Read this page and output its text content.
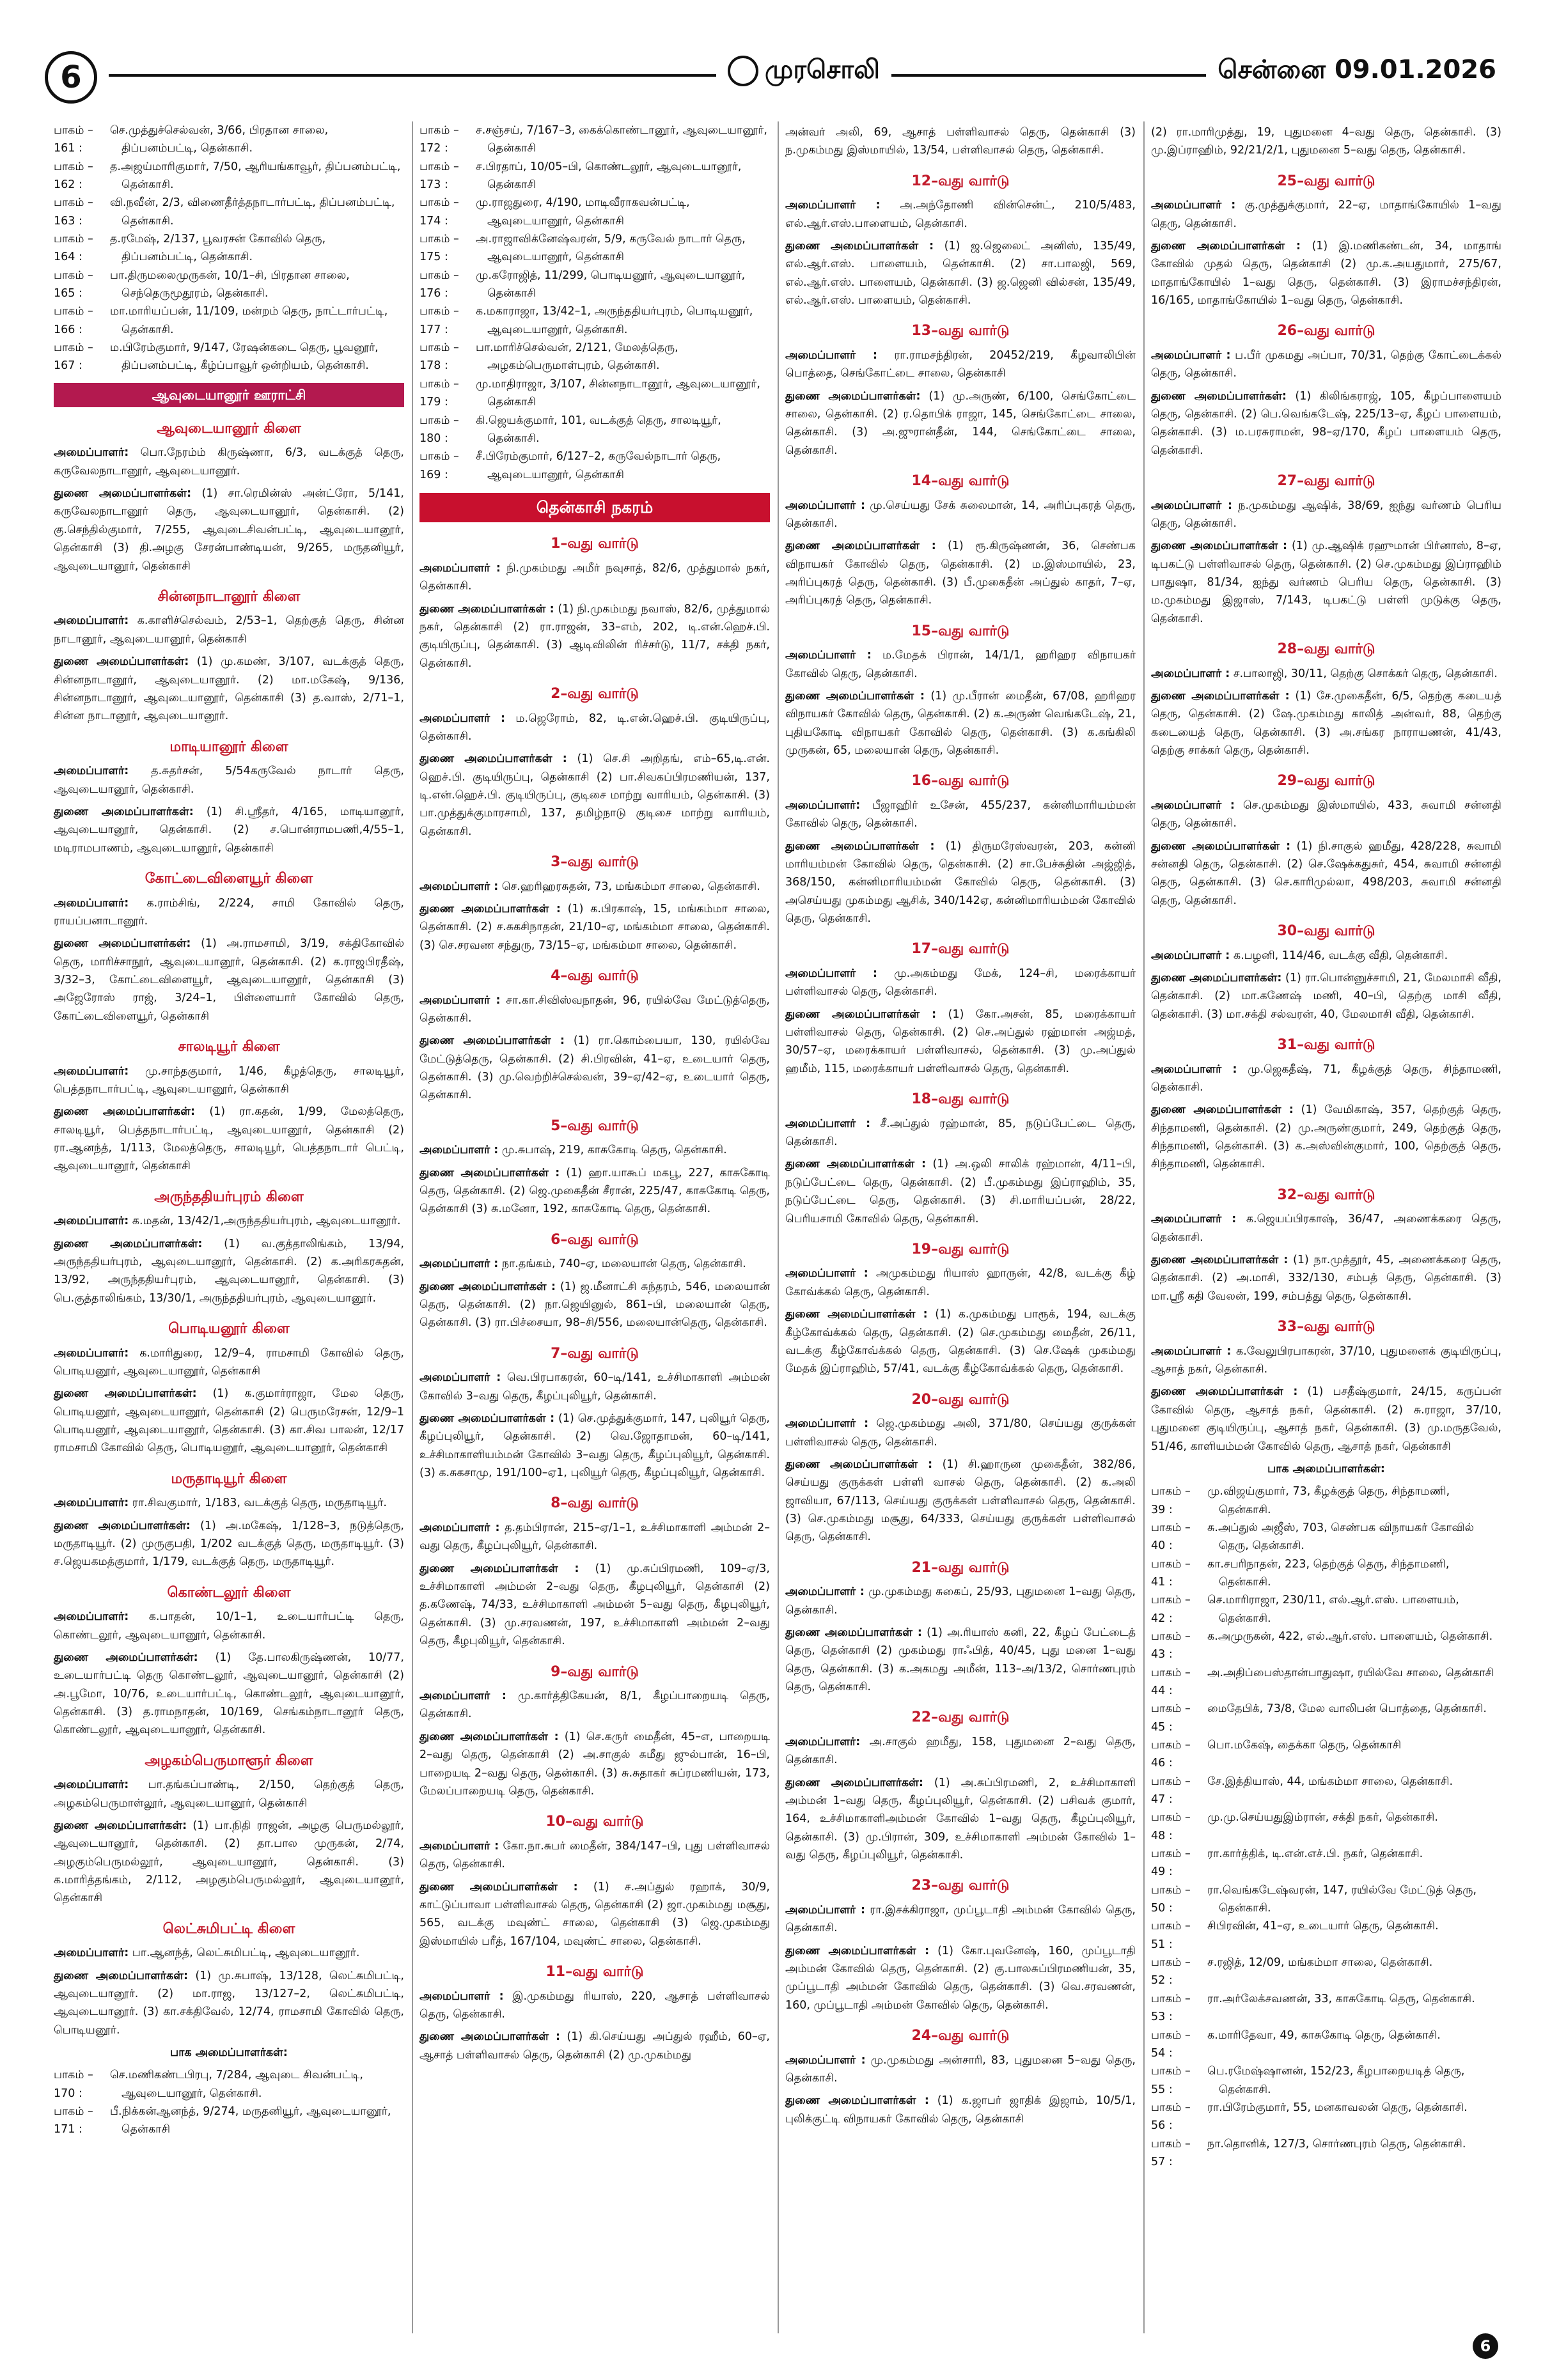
6	முரசொலி	சென்னை 09.01.2026
பாகம் – 161 :
செ.முத்துச்செல்வன், 3/66, பிரதான சாலை, திப்பனம்பட்டி, தென்காசி.
பாகம் – 162 :
த.அஜய்மாரிகுமார், 7/50, ஆரியங்காவூர், திப்பனம்பட்டி, தென்காசி.
பாகம் – 163 :
வி.நவீன், 2/3, விணைதீர்த்தநாடார்பட்டி, திப்பனம்பட்டி, தென்காசி.
பாகம் – 164 :
த.ரமேஷ், 2/137, பூவரசன் கோவில் தெரு, திப்பனம்பட்டி, தென்காசி.
பாகம் – 165 :
பா.திருமலைமுருகன், 10/1–சி, பிரதான சாலை, செந்தெருமூதூரம், தென்காசி.
பாகம் – 166 :
மா.மாரியப்பன், 11/109, மன்றம் தெரு, நாட்டார்பட்டி, தென்காசி.
பாகம் – 167 :
ம.பிரேம்குமார், 9/147, ரேஷன்கடை தெரு, பூவனூர், திப்பனம்பட்டி, கீழ்ப்பாவூர் ஒன்றியம், தென்காசி.
ஆவுடையானூர் ஊராட்சி
ஆவுடையானூர் கிளை
அமைப்பாளர்: பொ.நேரம்ம் கிருஷ்ணா, 6/3, வடக்குத் தெரு, கருவேலநாடானூர், ஆவுடையானூர்.
துணை அமைப்பாளர்கள்: (1) சா.ரெமின்ஸ் அன்ட்ரோ, 5/141, கருவேலநாடானூர் தெரு, ஆவுடையானூர், தென்காசி. (2) கு.செந்தில்குமார், 7/255, ஆவுடைசிவன்பட்டி, ஆவுடையானூர், தென்காசி (3) தி.அழகு சேரன்பாண்டியன், 9/265, மருதனியூர், ஆவுடையானூர், தென்காசி
சின்னநாடானூர் கிளை
அமைப்பாளர்: க.காளிச்செல்வம், 2/53–1, தெற்குத் தெரு, சின்ன நாடானூர், ஆவுடையானூர், தென்காசி
துணை அமைப்பாளர்கள்: (1) மு.கமண், 3/107, வடக்குத் தெரு, சின்னநாடானூர், ஆவுடையானூர். (2) மா.மகேஷ், 9/136, சின்னநாடானூர், ஆவுடையானூர், தென்காசி (3) த.வாஸ், 2/71–1, சின்ன நாடானூர், ஆவுடையானூர்.
மாடியானூர் கிளை
அமைப்பாளர்: த.சுதர்சன், 5/54கருவேல் நாடார் தெரு, ஆவுடையானூர், தென்காசி.
துணை அமைப்பாளர்கள்: (1) சி.ஸ்ரீதர், 4/165, மாடியானூர், ஆவுடையானூர், தென்காசி. (2) ச.பொன்ராமபணி,4/55–1, மடிராமபாணம், ஆவுடையானூர், தென்காசி
கோட்டைவிளையூர் கிளை
அமைப்பாளர்: க.ராம்சிங், 2/224, சாமி கோவில் தெரு, ராயப்பனாடானூர்.
துணை அமைப்பாளர்கள்: (1) அ.ராமசாமி, 3/19, சக்திகோவில் தெரு, மாரிச்சாநூர், ஆவுடையானூர், தென்காசி. (2) க.ராஜபிரதீஷ், 3/32–3, கோட்டைவிளையூர், ஆவுடையானூர், தென்காசி (3) அஜேரோஸ் ராஜ், 3/24–1, பிள்ளையார் கோவில் தெரு, கோட்டைவிளையூர், தென்காசி
சாலடியூர் கிளை
அமைப்பாளர்: மு.சாந்தகுமார், 1/46, கீழத்தெரு, சாலடியூர், பெத்தநாடார்பட்டி, ஆவுடையானூர், தென்காசி
துணை அமைப்பாளர்கள்: (1) ரா.கதன், 1/99, மேலத்தெரு, சாலடியூர், பெத்தநாடார்பட்டி, ஆவுடையானூர், தென்காசி (2) ரா.ஆனந்த், 1/113, மேலத்தெரு, சாலடியூர், பெத்தநாடார் பெட்டி, ஆவுடையானூர், தென்காசி
அருந்ததியர்புரம் கிளை
அமைப்பாளர்: க.மதன், 13/42/1,அருந்ததியர்புரம், ஆவுடையானூர்.
துணை அமைப்பாளர்கள்: (1) வ.குத்தாலிங்கம், 13/94, அருந்ததியர்புரம், ஆவுடையானூர், தென்காசி. (2) க.அரிகரசுதன், 13/92, அருந்ததியர்புரம், ஆவுடையானூர், தென்காசி. (3) பெ.குத்தாலிங்கம், 13/30/1, அருந்ததியர்புரம், ஆவுடையானூர்.
பொடியனூர் கிளை
அமைப்பாளர்: க.மாரிதுரை, 12/9–4, ராமசாமி கோவில் தெரு, பொடியனூர், ஆவுடையானூர், தென்காசி
துணை அமைப்பாளர்கள்: (1) க.குமார்ராஜா, மேல தெரு, பொடியனூர், ஆவுடையானூர், தென்காசி (2) பெருமரேசன், 12/9–1 பொடியனூர், ஆவுடையானூர், தென்காசி. (3) கா.சிவ பாலன், 12/17 ராமசாமி கோவில் தெரு, பொடியனூர், ஆவுடையானூர், தென்காசி
மருதாடியூர் கிளை
அமைப்பாளர்: ரா.சிவகுமார், 1/183, வடக்குத் தெரு, மருதாடியூர்.
துணை அமைப்பாளர்கள்: (1) அ.மகேஷ், 1/128–3, நடுத்தெரு, மருதாடியூர். (2) முருகுபதி, 1/202 வடக்குத் தெரு, மருதாடியூர். (3) ச.ஜெயகமத்குமார், 1/179, வடக்குத் தெரு, மருதாடியூர்.
கொண்டலூர் கிளை
அமைப்பாளர்: க.பாதன், 10/1–1, உடையார்பட்டி தெரு, கொண்டலூர், ஆவுடையானூர், தென்காசி.
துணை அமைப்பாளர்கள்: (1) தே.பாலகிருஷ்ணன், 10/77, உடையார்பட்டி தெரு கொண்டலூர், ஆவுடையானூர், தென்காசி (2) அ.பூமோ, 10/76, உடையார்பட்டி, கொண்டலூர், ஆவுடையானூர், தென்காசி. (3) த.ராமநாதன், 10/169, செங்கம்நாடானூர் தெரு, கொண்டலூர், ஆவுடையானூர், தென்காசி.
அழகம்பெருமாளூர் கிளை
அமைப்பாளர்: பா.தங்கப்பாண்டி, 2/150, தெற்குத் தெரு, அழகம்பெருமாள்லூர், ஆவுடையானூர், தென்காசி
துணை அமைப்பாளர்கள்: (1) பா.நிதி ராஜன், அழகு பெருமல்லூர், ஆவுடையானூர், தென்காசி. (2) தா.பால முருகன், 2/74, அழகும்பெருமல்லூர், ஆவுடையானூர், தென்காசி. (3) க.மாரித்தங்கம், 2/112, அழகும்பெருமல்லூர், ஆவுடையானூர், தென்காசி
லெட்சுமிபட்டி கிளை
அமைப்பாளர்: பா.ஆனந்த், லெட்சுமிபட்டி, ஆவுடையானூர்.
துணை அமைப்பாளர்கள்: (1) மு.சுபாஷ், 13/128, லெட்சுமிபட்டி, ஆவுடையானூர். (2) மா.ராஜ, 13/127–2, லெட்சுமிபட்டி, ஆவுடையானூர். (3) கா.சக்திவேல், 12/74, ராமசாமி கோவில் தெரு, பொடியனூர்.
பாக அமைப்பாளர்கள்:
பாகம் – 170 :
செ.மணிகண்டபிரபு, 7/284, ஆவுடை சிவன்பட்டி, ஆவுடையானூர், தென்காசி.
பாகம் – 171 :
பீ.நிக்கன்ஆனந்த், 9/274, மருதனியூர், ஆவுடையானூர், தென்காசி
பாகம் – 172 :
ச.சஞ்சய், 7/167–3, கைக்கொண்டானூர், ஆவுடையானூர், தென்காசி
பாகம் – 173 :
ச.பிரதாப், 10/05–பி, கொண்டலூர், ஆவுடையானூர், தென்காசி
பாகம் – 174 :
மு.ராஜதுரை, 4/190, மாடிவீராகவன்பட்டி, ஆவுடையானூர், தென்காசி
பாகம் – 175 :
அ.ராஜாவிக்னேஷ்வரன், 5/9, கருவேல் நாடார் தெரு, ஆவுடையானூர், தென்காசி
பாகம் – 176 :
மு.கரோஜித், 11/299, பொடியனூர், ஆவுடையானூர், தென்காசி
பாகம் – 177 :
க.மகாராஜா, 13/42–1, அருந்ததியர்புரம், பொடியனூர், ஆவுடையானூர், தென்காசி.
பாகம் – 178 :
பா.மாரிச்செல்வன், 2/121, மேலத்தெரு, அழகம்பெருமாள்புரம், தென்காசி.
பாகம் – 179 :
மு.மாதிராஜா, 3/107, சின்னநாடானூர், ஆவுடையானூர், தென்காசி
பாகம் – 180 :
கி.ஜெயக்குமார், 101, வடக்குத் தெரு, சாலடியூர், தென்காசி.
பாகம் – 169 :
சீ.பிரேம்குமார், 6/127–2, கருவேல்நாடார் தெரு, ஆவுடையானூர், தென்காசி
தென்காசி நகரம்
1–வது வார்டு
அமைப்பாளர் : நி.முகம்மது அமீர் நவுசாத், 82/6, முத்துமால் நகர், தென்காசி.
துணை அமைப்பாளர்கள் : (1) நி.முகம்மது நவாஸ், 82/6, முத்துமால் நகர், தென்காசி (2) ரா.ராஜன், 33–எம், 202, டி.என்.ஹெச்.பி. குடியிருப்பு, தென்காசி. (3) ஆடிவிலின் ரிச்சர்டு, 11/7, சக்தி நகர், தென்காசி.
2–வது வார்டு
அமைப்பாளர் : ம.ஜெரோம், 82, டி.என்.ஹெச்.பி. குடியிருப்பு, தென்காசி.
துணை அமைப்பாளர்கள் : (1) செ.சி அறிதங், எம்–65,டி.என். ஹெச்.பி. குடியிருப்பு, தென்காசி (2) பா.சிவகப்பிரமணியன், 137, டி.என்.ஹெச்.பி. குடியிருப்பு, குடிசை மாற்று வாரியம், தென்காசி. (3) பா.முத்துக்குமாரசாமி, 137, தமிழ்நாடு குடிசை மாற்று வாரியம், தென்காசி.
3–வது வார்டு
அமைப்பாளர் : செ.ஹரிஹரசுதன், 73, மங்கம்மா சாலை, தென்காசி.
துணை அமைப்பாளர்கள் : (1) க.பிரகாஷ், 15, மங்கம்மா சாலை, தென்காசி. (2) ச.சுகசிநாதன், 21/10–ஏ, மங்கம்மா சாலை, தென்காசி. (3) செ.சரவண சந்துரு, 73/15–ஏ, மங்கம்மா சாலை, தென்காசி.
4–வது வார்டு
அமைப்பாளர் : சா.கா.சிவிஸ்வநாதன், 96, ரயில்வே மேட்டுத்தெரு, தென்காசி.
துணை அமைப்பாளர்கள் : (1) ரா.கொம்பையா, 130, ரயில்வே மேட்டுத்தெரு, தென்காசி. (2) சி.பிரவின், 41–ஏ, உடையார் தெரு, தென்காசி. (3) மு.வெற்றிச்செல்வன், 39–ஏ/42–ஏ, உடையார் தெரு, தென்காசி.
5–வது வார்டு
அமைப்பாளர் : மு.சுபாஷ், 219, காசுகோடி தெரு, தென்காசி.
துணை அமைப்பாளர்கள் : (1) ஹா.யாகூப் மகபூ, 227, காசுகோடி தெரு, தென்காசி. (2) ஜெ.முகைதீன் சீரான், 225/47, காசுகோடி தெரு, தென்காசி (3) சு.மனோ, 192, காசுகோடி தெரு, தென்காசி.
6–வது வார்டு
அமைப்பாளர் : நா.தங்கம், 740–ஏ, மலையான் தெரு, தென்காசி.
துணை அமைப்பாளர்கள் : (1) ஜ.மீனாட்சி சுந்தரம், 546, மலையான் தெரு, தென்காசி. (2) நா.ஜெயினுல், 861–பி, மலையான் தெரு, தென்காசி. (3) ரா.பிச்சையா, 98–சி/556, மலையான்தெரு, தென்காசி.
7–வது வார்டு
அமைப்பாளர் : வெ.பிரபாகரன், 60–டி/141, உச்சிமாகாளி அம்மன் கோவில் 3–வது தெரு, கீழப்புலியூர், தென்காசி.
துணை அமைப்பாளர்கள் : (1) செ.முத்துக்குமார், 147, புலியூர் தெரு, கீழப்புலியூர், தென்காசி. (2) வெ.ஜோதாமன், 60–டி/141, உச்சிமாகாளியம்மன் கோவில் 3–வது தெரு, கீழப்புலியூர், தென்காசி. (3) க.சுகசாமு, 191/100–ஏ1, புலியூர் தெரு, கீழப்புலியூர், தென்காசி.
8–வது வார்டு
அமைப்பாளர் : த.தம்பிரான், 215–ஏ/1–1, உச்சிமாகாளி அம்மன் 2–வது தெரு, கீழப்புலியூர், தென்காசி.
துணை அமைப்பாளர்கள் : (1) மு.சுப்பிரமணி, 109–ஏ/3, உச்சிமாகாளி அம்மன் 2–வது தெரு, கீழபுலியூர், தென்காசி (2) த.கணேஷ், 74/33, உச்சிமாகாளி அம்மன் 5–வது தெரு, கீழபுலியூர், தென்காசி. (3) மு.சரவணன், 197, உச்சிமாகாளி அம்மன் 2–வது தெரு, கீழபுலியூர், தென்காசி.
9–வது வார்டு
அமைப்பாளர் : மு.கார்த்திகேயன், 8/1, கீழப்பாறையடி தெரு, தென்காசி.
துணை அமைப்பாளர்கள் : (1) செ.கருர் மைதீன், 45–எ, பாறையடி 2–வது தெரு, தென்காசி (2) அ.சாகுல் சுமீது ஜுல்பான், 16–பி, பாறையடி 2–வது தெரு, தென்காசி. (3) சு.சுதாகர் சுப்ரமணியன், 173, மேலப்பாறையடி தெரு, தென்காசி.
10–வது வார்டு
அமைப்பாளர் : கோ.நா.சுபர் மைதீன், 384/147–பி, புது பள்ளிவாசல் தெரு, தென்காசி.
துணை அமைப்பாளர்கள் : (1) ச.அப்துல் ரஹாக், 30/9, காட்டுப்பாவா பள்ளிவாசல் தெரு, தென்காசி (2) ஜா.முகம்மது மசூது, 565, வடக்கு மவுண்ட் சாலை, தென்காசி (3) ஜெ.முகம்மது இஸ்மாயில் பரீத், 167/104, மவுண்ட் சாலை, தென்காசி.
11–வது வார்டு
அமைப்பாளர் : இ.முகம்மது ரியாஸ், 220, ஆசாத் பள்ளிவாசல் தெரு, தென்காசி.
துணை அமைப்பாளர்கள் : (1) கி.செய்யது அப்துல் ரஹீம், 60–ஏ, ஆசாத் பள்ளிவாசல் தெரு, தென்காசி (2) மு.முகம்மது
அன்வர் அலி, 69, ஆசாத் பள்ளிவாசல் தெரு, தென்காசி (3) ந.முகம்மது இஸ்மாயில், 13/54, பள்ளிவாசல் தெரு, தென்காசி.
12–வது வார்டு
அமைப்பாளர் : அ.அந்தோணி வின்சென்ட், 210/5/483, எல்.ஆர்.எஸ்.பாளையம், தென்காசி.
துணை அமைப்பாளர்கள் : (1) ஜ.ஜெலைட் அனிஸ், 135/49, எல்.ஆர்.எஸ். பாளையம், தென்காசி. (2) சா.பாலஜி, 569, எல்.ஆர்.எஸ். பாளையம், தென்காசி. (3) ஜ.ஜெனி வில்சன், 135/49, எல்.ஆர்.எஸ். பாளையம், தென்காசி.
13–வது வார்டு
அமைப்பாளர் : ரா.ராமசந்திரன், 20452/219, கீழவாலிபின் பொத்தை, செங்கோட்டை சாலை, தென்காசி
துணை அமைப்பாளர்கள்: (1) மு.அருண், 6/100, செங்கோட்டை சாலை, தென்காசி. (2) ர.தொபிக் ராஜா, 145, செங்கோட்டை சாலை, தென்காசி. (3) அ.ஜுரான்தீன், 144, செங்கோட்டை சாலை, தென்காசி.
14–வது வார்டு
அமைப்பாளர் : மு.செய்யது சேக் சுலைமான், 14, அரிப்புகரத் தெரு, தென்காசி.
துணை அமைப்பாளர்கள் : (1) ரூ.கிருஷ்ணன், 36, செண்பக விநாயகர் கோவில் தெரு, தென்காசி. (2) ம.இஸ்மாயில், 23, அரிப்புகரத் தெரு, தென்காசி. (3) பீ.முகைதீன் அப்துல் காதர், 7–ஏ, அரிப்புகரத் தெரு, தென்காசி.
15–வது வார்டு
அமைப்பாளர் : ம.மேதக் பிரான், 14/1/1, ஹரிஹர விநாயகர் கோவில் தெரு, தென்காசி.
துணை அமைப்பாளர்கள் : (1) மு.பீரான் மைதீன், 67/08, ஹரிஹர விநாயகர் கோவில் தெரு, தென்காசி. (2) க.அருண் வெங்கடேஷ், 21, புதியகோடி விநாயகர் கோவில் தெரு, தென்காசி. (3) க.கங்கிலி முருகன், 65, மலையான் தெரு, தென்காசி.
16–வது வார்டு
அமைப்பாளர்: பீஜாஹிர் உசேன், 455/237, கன்னிமாரியம்மன் கோவில் தெரு, தென்காசி.
துணை அமைப்பாளர்கள் : (1) திருமரேஸ்வரன், 203, கன்னி மாரியம்மன் கோவில் தெரு, தென்காசி. (2) சா.பேச்சுதின் அஜ்ஜித், 368/150, கன்னிமாரியம்மன் கோவில் தெரு, தென்காசி. (3) அசெய்யது முகம்மது ஆசிக், 340/142ஏ, கன்னிமாரியம்மன் கோவில் தெரு, தென்காசி.
17–வது வார்டு
அமைப்பாளர் : மு.அகம்மது மேக், 124–சி, மரைக்காயர் பள்ளிவாசல் தெரு, தென்காசி.
துணை அமைப்பாளர்கள் : (1) கோ.அசன், 85, மரைக்காயர் பள்ளிவாசல் தெரு, தென்காசி. (2) செ.அப்துல் ரஹ்மான் அஜ்மத், 30/57–ஏ, மரைக்காயர் பள்ளிவாசல், தென்காசி. (3) மு.அப்துல் ஹமீம், 115, மரைக்காயர் பள்ளிவாசல் தெரு, தென்காசி.
18–வது வார்டு
அமைப்பாளர் : சீ.அப்துல் ரஹ்மான், 85, நடுப்பேட்டை தெரு, தென்காசி.
துணை அமைப்பாளர்கள் : (1) அ.ஒலி சாலிக் ரஹ்மான், 4/11–பி, நடுப்பேட்டை தெரு, தென்காசி. (2) பீ.முகம்மது இப்ராஹிம், 35, நடுப்பேட்டை தெரு, தென்காசி. (3) சி.மாரியப்பன், 28/22, பெரியசாமி கோவில் தெரு, தென்காசி.
19–வது வார்டு
அமைப்பாளர் : அமுகம்மது ரியாஸ் ஹாருன், 42/8, வடக்கு கீழ் கோவ்க்கல் தெரு, தென்காசி.
துணை அமைப்பாளர்கள் : (1) க.முகம்மது பாரூக், 194, வடக்கு கீழ்கோவ்க்கல் தெரு, தென்காசி. (2) செ.முகம்மது மைதீன், 26/11, வடக்கு கீழ்கோவ்க்கல் தெரு, தென்காசி. (3) செ.ஷேக் முகம்மது மேதக் இப்ராஹிம், 57/41, வடக்கு கீழ்கோவ்க்கல் தெரு, தென்காசி.
20–வது வார்டு
அமைப்பாளர் : ஜெ.முகம்மது அலி, 371/80, செய்யது குருக்கள் பள்ளிவாசல் தெரு, தென்காசி.
துணை அமைப்பாளர்கள் : (1) சி.ஹாருன முகைதீன், 382/86, செய்யது குருக்கள் பள்ளி வாசல் தெரு, தென்காசி. (2) க.அலி ஜாவியா, 67/113, செய்யது குருக்கள் பள்ளிவாசல் தெரு, தென்காசி. (3) செ.முகம்மது மசூது, 64/333, செய்யது குருக்கள் பள்ளிவாசல் தெரு, தென்காசி.
21–வது வார்டு
அமைப்பாளர் : மு.முகம்மது சுகைப், 25/93, புதுமனை 1–வது தெரு, தென்காசி.
துணை அமைப்பாளர்கள் : (1) அ.ரியாஸ் கனி, 22, கீழப் பேட்டைத் தெரு, தென்காசி (2) முகம்மது ராஃபித், 40/45, புது மனை 1–வது தெரு, தென்காசி. (3) க.அகமது அமீன், 113–அ/13/2, சொர்ணபுரம் தெரு, தென்காசி.
22–வது வார்டு
அமைப்பாளர்: அ.சாகுல் ஹமீது, 158, புதுமனை 2–வது தெரு, தென்காசி.
துணை அமைப்பாளர்கள்: (1) அ.சுப்பிரமணி, 2, உச்சிமாகாளி அம்மன் 1–வது தெரு, கீழப்புலியூர், தென்காசி. (2) பசிவக் குமார், 164, உச்சிமாகாளிஅம்மன் கோவில் 1–வது தெரு, கீழப்புலியூர், தென்காசி. (3) மு.பிரான், 309, உச்சிமாகாளி அம்மன் கோவில் 1–வது தெரு, கீழப்புலியூர், தென்காசி.
23–வது வார்டு
அமைப்பாளர் : ரா.இசக்கிராஜா, முப்பூடாதி அம்மன் கோவில் தெரு, தென்காசி.
துணை அமைப்பாளர்கள் : (1) கோ.புவனேஷ், 160, முப்பூடாதி அம்மன் கோவில் தெரு, தென்காசி. (2) கு.பாலசுப்பிரமணியன், 35, முப்பூடாதி அம்மன் கோவில் தெரு, தென்காசி. (3) வெ.சரவணன், 160, முப்பூடாதி அம்மன் கோவில் தெரு, தென்காசி.
24–வது வார்டு
அமைப்பாளர் : மு.முகம்மது அன்சாரி, 83, புதுமனை 5–வது தெரு, தென்காசி.
துணை அமைப்பாளர்கள் : (1) க.ஜாபர் ஜாதிக் இஜாம், 10/5/1, புலிக்குட்டி விநாயகர் கோவில் தெரு, தென்காசி
(2) ரா.மாரிமுத்து, 19, புதுமனை 4–வது தெரு, தென்காசி. (3) மு.இப்ராஹிம், 92/21/2/1, புதுமனை 5–வது தெரு, தென்காசி.
25–வது வார்டு
அமைப்பாளர் : கு.முத்துக்குமார், 22–ஏ, மாதாங்கோயில் 1–வது தெரு, தென்காசி.
துணை அமைப்பாளர்கள் : (1) இ.மணிகண்டன், 34, மாதாங் கோவில் முதல் தெரு, தென்காசி (2) மு.க.அயதுமார், 275/67, மாதாங்கோயில் 1–வது தெரு, தென்காசி. (3) இராமச்சந்திரன், 16/165, மாதாங்கோயில் 1–வது தெரு, தென்காசி.
26–வது வார்டு
அமைப்பாளர் : ப.பீர் முகமது அப்பா, 70/31, தெற்கு கோட்டைக்கல் தெரு, தென்காசி.
துணை அமைப்பாளர்கள்: (1) கிலிங்கராஜ், 105, கீழப்பாளையம் தெரு, தென்காசி. (2) பெ.வெங்கடேஷ், 225/13–ஏ, கீழப் பாளையம், தென்காசி. (3) ம.பரசுராமன், 98–ஏ/170, கீழப் பாளையம் தெரு, தென்காசி.
27–வது வார்டு
அமைப்பாளர் : ந.முகம்மது ஆஷிக், 38/69, ஐந்து வர்ணம் பெரிய தெரு, தென்காசி.
துணை அமைப்பாளர்கள் : (1) மு.ஆஷிக் ரஹுமான் பிர்னாஸ், 8–ஏ, டிபகட்டு பள்ளிவாசல் தெரு, தென்காசி. (2) செ.முகம்மது இப்ராஹிம் பாதுஷா, 81/34, ஐந்து வர்ணம் பெரிய தெரு, தென்காசி. (3) ம.முகம்மது இஜாஸ், 7/143, டிபகட்டு பள்ளி முடுக்கு தெரு, தென்காசி.
28–வது வார்டு
அமைப்பாளர் : ச.பாலாஜி, 30/11, தெற்கு சொக்கர் தெரு, தென்காசி.
துணை அமைப்பாளர்கள் : (1) சே.முகைதீன், 6/5, தெற்கு கடையத் தெரு, தென்காசி. (2) ஷே.முகம்மது காலித் அன்வர், 88, தெற்கு கடையைத் தெரு, தென்காசி. (3) அ.சங்கர நாராயணன், 41/43, தெற்கு சாக்கர் தெரு, தென்காசி.
29–வது வார்டு
அமைப்பாளர் : செ.முகம்மது இஸ்மாயில், 433, சுவாமி சன்னதி தெரு, தென்காசி.
துணை அமைப்பாளர்கள் : (1) நி.சாகுல் ஹமீது, 428/228, சுவாமி சன்னதி தெரு, தென்காசி. (2) செ.ஷேக்கதுசுர், 454, சுவாமி சன்னதி தெரு, தென்காசி. (3) செ.காரிமுல்லா, 498/203, சுவாமி சன்னதி தெரு, தென்காசி.
30–வது வார்டு
அமைப்பாளர் : க.பழனி, 114/46, வடக்கு வீதி, தென்காசி.
துணை அமைப்பாளர்கள்: (1) ரா.பொன்னுச்சாமி, 21, மேலமாசி வீதி, தென்காசி. (2) மா.கணேஷ் மணி, 40–பி, தெற்கு மாசி வீதி, தென்காசி. (3) மா.சக்தி சல்வரன், 40, மேலமாசி வீதி, தென்காசி.
31–வது வார்டு
அமைப்பாளர் : மு.ஜெகதீஷ், 71, கீழக்குத் தெரு, சிந்தாமணி, தென்காசி.
துணை அமைப்பாளர்கள் : (1) வேமிகாஷ், 357, தெற்குத் தெரு, சிந்தாமணி, தென்காசி. (2) மு.அருண்குமார், 249, தெற்குத் தெரு, சிந்தாமணி, தென்காசி. (3) க.அஸ்வின்குமார், 100, தெற்குத் தெரு, சிந்தாமணி, தென்காசி.
32–வது வார்டு
அமைப்பாளர் : க.ஜெயப்பிரகாஷ், 36/47, அணைக்கரை தெரு, தென்காசி.
துணை அமைப்பாளர்கள் : (1) நா.முத்தூர், 45, அணைக்கரை தெரு, தென்காசி. (2) அ.மாசி, 332/130, சம்பத் தெரு, தென்காசி. (3) மா.ஸ்ரீ கதி வேலன், 199, சம்பத்து தெரு, தென்காசி.
33–வது வார்டு
அமைப்பாளர் : க.வேலுபிரபாகரன், 37/10, புதுமனைக் குடியிருப்பு, ஆசாத் நகர், தென்காசி.
துணை அமைப்பாளர்கள் : (1) பசதீஷ்குமார், 24/15, கருப்பன் கோவில் தெரு, ஆசாத் நகர், தென்காசி. (2) சு.ராஜா, 37/10, புதுமனை குடியிருப்பு, ஆசாத் நகர், தென்காசி. (3) மு.மருதவேல், 51/46, காளியம்மன் கோவில் தெரு, ஆசாத் நகர், தென்காசி
பாக அமைப்பாளர்கள்:
பாகம் – 39 :
மு.விஜய்குமார், 73, கீழக்குத் தெரு, சிந்தாமணி, தென்காசி.
பாகம் – 40 :
சு.அப்துல் அஜீஸ், 703, செண்பக விநாயகர் கோவில் தெரு, தென்காசி.
பாகம் – 41 :
கா.சபரிநாதன், 223, தெற்குத் தெரு, சிந்தாமணி, தென்காசி.
பாகம் – 42 :
செ.மாரிராஜா, 230/11, எல்.ஆர்.எஸ். பாளையம், தென்காசி.
பாகம் – 43 :
க.அமுருகன், 422, எல்.ஆர்.எஸ். பாளையம், தென்காசி.
பாகம் – 44 :
அ.அதிப்பைஸ்தான்பாதுஷா, ரயில்வே சாலை, தென்காசி
பாகம் – 45 :
மைதேபிக், 73/8, மேல வாலிபன் பொத்தை, தென்காசி.
பாகம் – 46 :
பொ.மகேஷ், தைக்கா தெரு, தென்காசி
பாகம் – 47 :
சே.இத்தியாஸ், 44, மங்கம்மா சாலை, தென்காசி.
பாகம் – 48 :
மு.மு.செய்யதுஇம்ரான், சக்தி நகர், தென்காசி.
பாகம் – 49 :
ரா.கார்த்திக், டி.என்.எச்.பி. நகர், தென்காசி.
பாகம் – 50 :
ரா.வெங்கடேஷ்வரன், 147, ரயில்வே மேட்டுத் தெரு, தென்காசி.
பாகம் – 51 :
சிபிரவின், 41–ஏ, உடையார் தெரு, தென்காசி.
பாகம் – 52 :
ச.ரஜித், 12/09, மங்கம்மா சாலை, தென்காசி.
பாகம் – 53 :
ரா.அர்லேக்சவணன், 33, காசுகோடி தெரு, தென்காசி.
பாகம் – 54 :
க.மாரிதேவா, 49, காசுகோடி தெரு, தென்காசி.
பாகம் – 55 :
பெ.ரமேஷ்ஷானன், 152/23, கீழபாறையடித் தெரு, தென்காசி.
பாகம் – 56 :
ரா.பிரேம்குமார், 55, மனகாவலன் தெரு, தென்காசி.
பாகம் – 57 :
நா.தொனிக், 127/3, சொர்ணபுரம் தெரு, தென்காசி.
6
